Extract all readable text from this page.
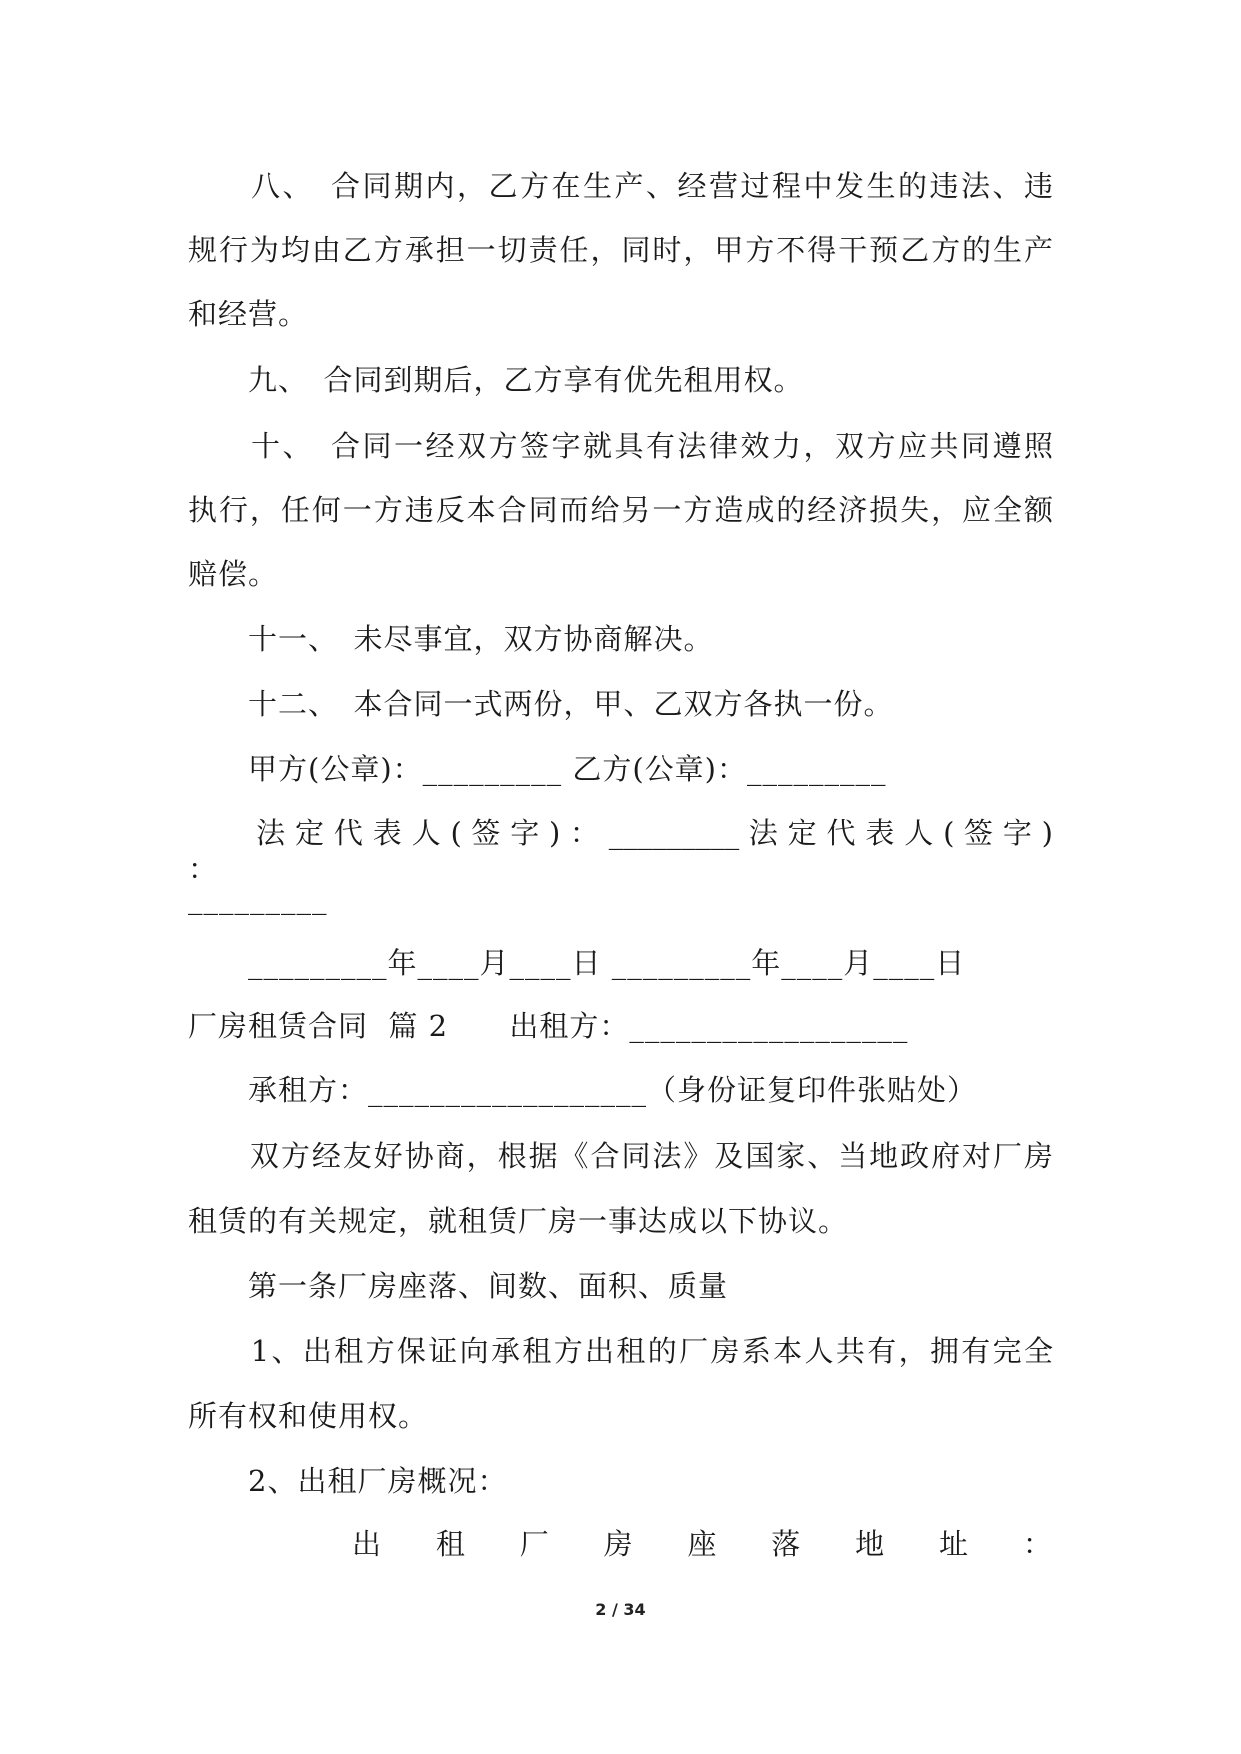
　　八、　合同期内，乙方在生产、经营过程中发生的违法、违
规行为均由乙方承担一切责任，同时，甲方不得干预乙方的生产
和经营。
　　九、　合同到期后，乙方享有优先租用权。
　　十、　合同一经双方签字就具有法律效力，双方应共同遵照
执行，任何一方违反本合同而给另一方造成的经济损失，应全额
赔偿。
　　十一、　未尽事宜，双方协商解决。
　　十二、　本合同一式两份，甲、乙双方各执一份。
　　甲方(公章)：_________ 乙方(公章)：_________
　　 法 定 代 表 人 ( 签 字 ) ： _________ 法 定 代 表 人 ( 签 字 ) ：
_________
　　_________年____月____日 _________年____月____日
厂房租赁合同  篇 2      出租方：__________________
　　承租方：__________________（身份证复印件张贴处）
　　双方经友好协商，根据《合同法》及国家、当地政府对厂房
租赁的有关规定，就租赁厂房一事达成以下协议。
　　第一条厂房座落、间数、面积、质量
　　1、出租方保证向承租方出租的厂房系本人共有，拥有完全
所有权和使用权。
　　2、出租厂房概况：
出 租 厂 房 座 落 地 址 ：
2 / 34
